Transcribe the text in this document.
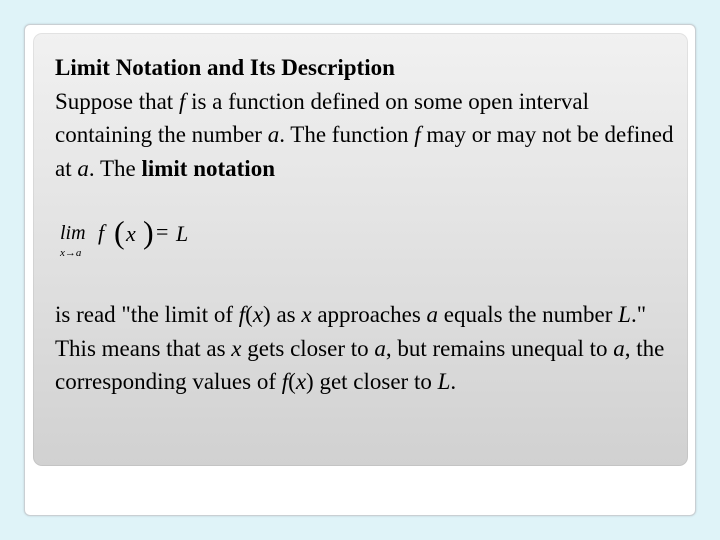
Limit Notation and Its Description
Suppose that f is a function defined on some open interval containing the number a. The function f may or may not be defined at a. The limit notation
lim
x→a
f ( x ) = L
is read "the limit of f(x) as x approaches a equals the number L." This means that as x gets closer to a, but remains unequal to a, the corresponding values of f(x) get closer to L.
